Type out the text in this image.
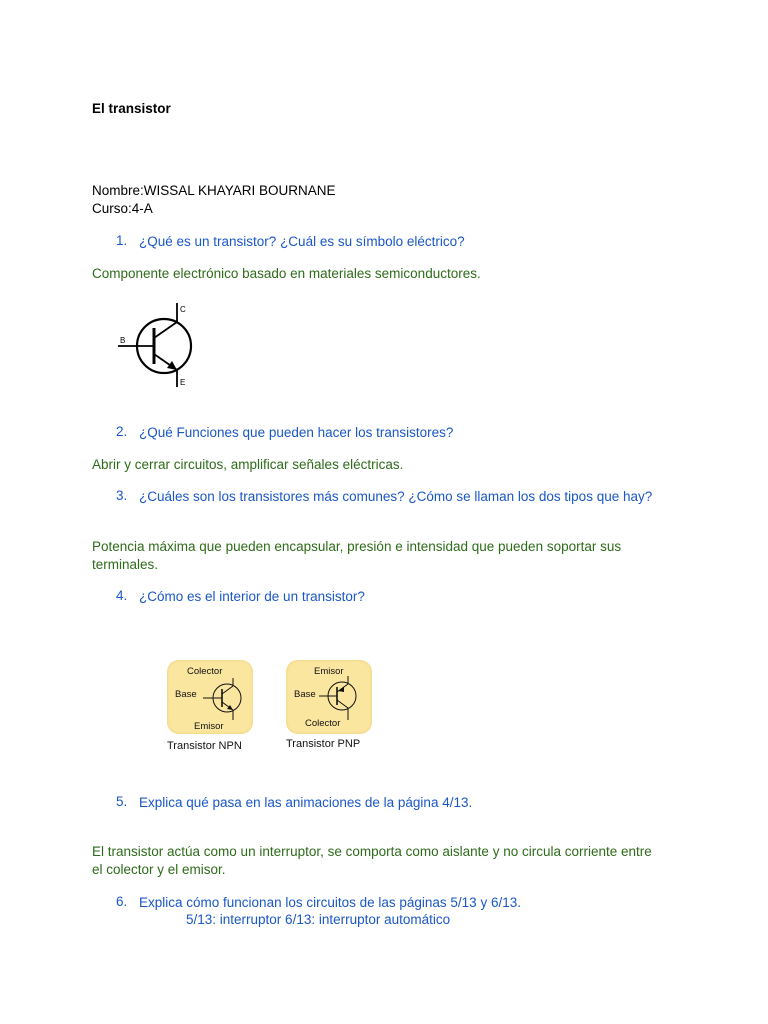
El transistor
Nombre:WISSAL KHAYARI BOURNANE
Curso:4-A
1. ¿Qué es un transistor? ¿Cuál es su símbolo eléctrico?
Componente electrónico basado en materiales semiconductores.
C
B
E
2. ¿Qué Funciones que pueden hacer los transistores?
Abrir y cerrar circuitos, amplificar señales eléctricas.
3. ¿Cuáles son los transistores más comunes? ¿Cómo se llaman los dos tipos que hay?
Potencia máxima que pueden encapsular, presión e intensidad que pueden soportar sus terminales.
4. ¿Cómo es el interior de un transistor?
Colector
Base
Emisor
Transistor NPN
Emisor
Base
Colector
Transistor PNP
5. Explica qué pasa en las animaciones de la página 4/13.
El transistor actúa como un interruptor, se comporta como aislante y no circula corriente entre el colector y el emisor.
6. Explica cómo funcionan los circuitos de las páginas 5/13 y 6/13.
5/13: interruptor 6/13: interruptor automático
